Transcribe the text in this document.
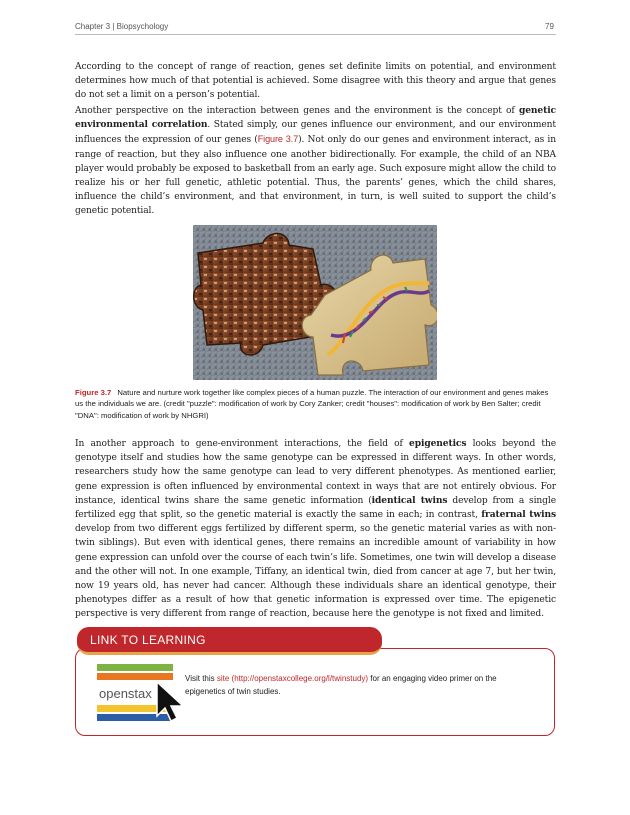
Chapter 3 | Biopsychology	79

According to the concept of range of reaction, genes set definite limits on potential, and environment determines how much of that potential is achieved. Some disagree with this theory and argue that genes do not set a limit on a person’s potential.

Another perspective on the interaction between genes and the environment is the concept of genetic environmental correlation. Stated simply, our genes influence our environment, and our environment influences the expression of our genes (Figure 3.7). Not only do our genes and environment interact, as in range of reaction, but they also influence one another bidirectionally. For example, the child of an NBA player would probably be exposed to basketball from an early age. Such exposure might allow the child to realize his or her full genetic, athletic potential. Thus, the parents’ genes, which the child shares, influence the child’s environment, and that environment, in turn, is well suited to support the child’s genetic potential.

Figure 3.7 Nature and nurture work together like complex pieces of a human puzzle. The interaction of our environment and genes makes us the individuals we are. (credit "puzzle": modification of work by Cory Zanker; credit "houses": modification of work by Ben Salter; credit "DNA": modification of work by NHGRI)

In another approach to gene-environment interactions, the field of epigenetics looks beyond the genotype itself and studies how the same genotype can be expressed in different ways. In other words, researchers study how the same genotype can lead to very different phenotypes. As mentioned earlier, gene expression is often influenced by environmental context in ways that are not entirely obvious. For instance, identical twins share the same genetic information (identical twins develop from a single fertilized egg that split, so the genetic material is exactly the same in each; in contrast, fraternal twins develop from two different eggs fertilized by different sperm, so the genetic material varies as with non-twin siblings). But even with identical genes, there remains an incredible amount of variability in how gene expression can unfold over the course of each twin’s life. Sometimes, one twin will develop a disease and the other will not. In one example, Tiffany, an identical twin, died from cancer at age 7, but her twin, now 19 years old, has never had cancer. Although these individuals share an identical genotype, their phenotypes differ as a result of how that genetic information is expressed over time. The epigenetic perspective is very different from range of reaction, because here the genotype is not fixed and limited.

LINK TO LEARNING
openstax

Visit this site (http://openstaxcollege.org/l/twinstudy) for an engaging video primer on the epigenetics of twin studies.
